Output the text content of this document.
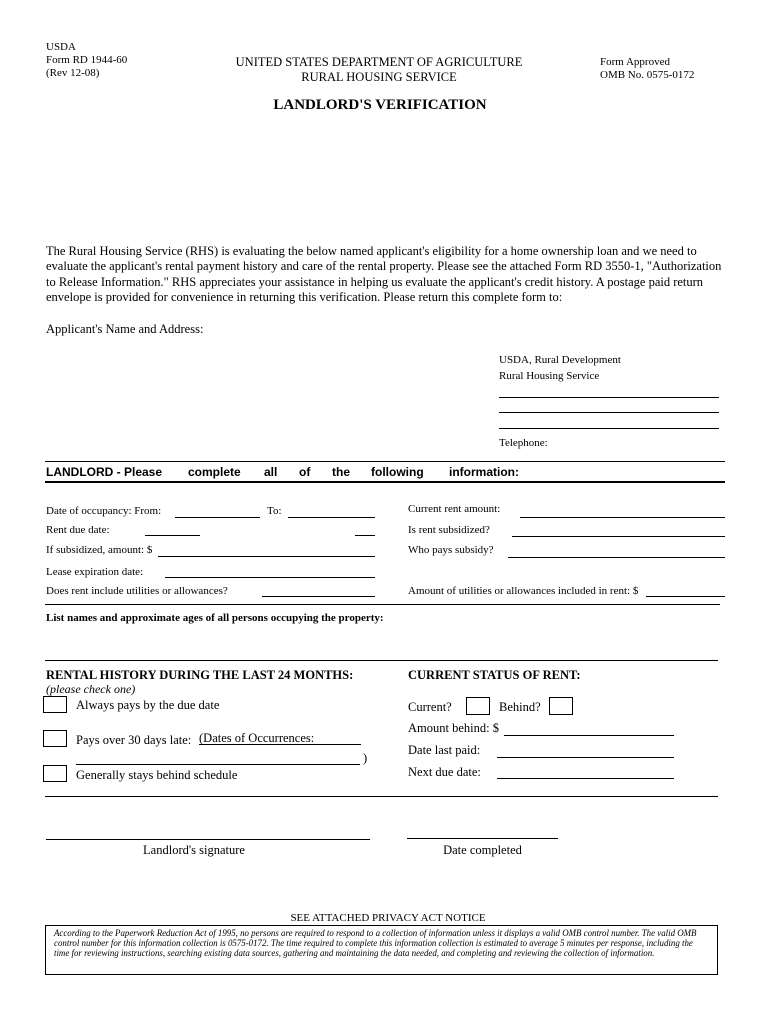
USDA
Form RD 1944-60
(Rev 12-08)
UNITED STATES DEPARTMENT OF AGRICULTURE
RURAL HOUSING SERVICE
Form Approved
OMB No. 0575-0172
LANDLORD'S VERIFICATION
The Rural Housing Service (RHS) is evaluating the below named applicant's eligibility for a home ownership loan and we need to evaluate the applicant's rental payment history and care of the rental property. Please see the attached Form RD 3550-1, "Authorization to Release Information." RHS appreciates your assistance in helping us evaluate the applicant's credit history. A postage paid return envelope is provided for convenience in returning this verification. Please return this complete form to:
Applicant's Name and Address:
USDA, Rural Development
Rural Housing Service
Telephone:
LANDLORD - Please complete all of the following information:
Date of occupancy: From:	To:
Rent due date:
If subsidized, amount: $
Lease expiration date:
Does rent include utilities or allowances?
Current rent amount:
Is rent subsidized?
Who pays subsidy?
Amount of utilities or allowances included in rent: $
List names and approximate ages of all persons occupying the property:
RENTAL HISTORY DURING THE LAST 24 MONTHS:
(please check one)
Always pays by the due date
Pays over 30 days late: (Dates of Occurrences:
)
Generally stays behind schedule
CURRENT STATUS OF RENT:
Current?	Behind?
Amount behind: $
Date last paid:
Next due date:
Landlord's signature	Date completed
SEE ATTACHED PRIVACY ACT NOTICE
According to the Paperwork Reduction Act of 1995, no persons are required to respond to a collection of information unless it displays a valid OMB control number. The valid OMB control number for this information collection is 0575-0172. The time required to complete this information collection is estimated to average 5 minutes per response, including the time for reviewing instructions, searching existing data sources, gathering and maintaining the data needed, and completing and reviewing the collection of information.
